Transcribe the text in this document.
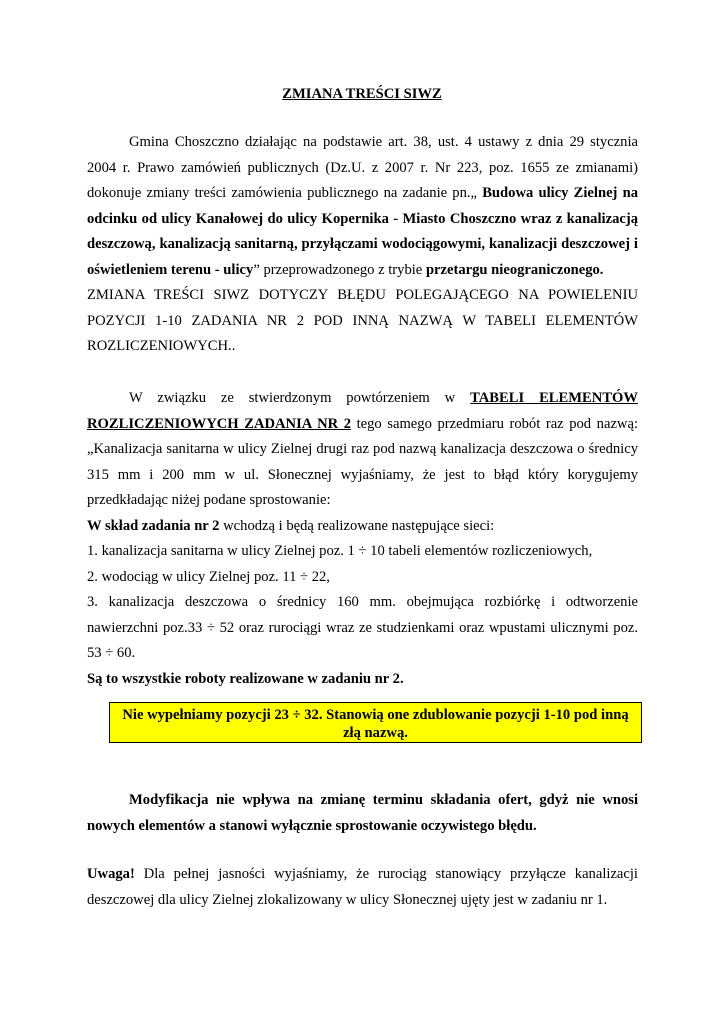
ZMIANA TREŚCI SIWZ
Gmina Choszczno działając na podstawie art. 38, ust. 4 ustawy z dnia 29 stycznia 2004 r. Prawo zamówień publicznych (Dz.U. z 2007 r. Nr 223, poz. 1655 ze zmianami) dokonuje zmiany treści zamówienia publicznego na zadanie pn.„ Budowa ulicy Zielnej na odcinku od ulicy Kanałowej do ulicy Kopernika - Miasto Choszczno wraz z kanalizacją deszczową, kanalizacją sanitarną, przyłączami wodociągowymi, kanalizacji deszczowej i oświetleniem terenu - ulicy” przeprowadzonego z trybie przetargu nieograniczonego.
ZMIANA TREŚCI SIWZ DOTYCZY BŁĘDU POLEGAJĄCEGO NA POWIELENIU POZYCJI 1-10 ZADANIA NR 2 POD INNĄ NAZWĄ W TABELI ELEMENTÓW ROZLICZENIOWYCH..
W związku ze stwierdzonym powtórzeniem w TABELI ELEMENTÓW ROZLICZENIOWYCH ZADANIA NR 2 tego samego przedmiaru robót raz pod nazwą: „Kanalizacja sanitarna w ulicy Zielnej drugi raz pod nazwą kanalizacja deszczowa o średnicy 315 mm i 200 mm w ul. Słonecznej wyjaśniamy, że jest to błąd który korygujemy przedkładając niżej podane sprostowanie:
W skład zadania nr 2 wchodzą i będą realizowane następujące sieci:
1. kanalizacja sanitarna w ulicy Zielnej poz. 1 ÷ 10 tabeli elementów rozliczeniowych,
2. wodociąg w ulicy Zielnej poz. 11 ÷ 22,
3. kanalizacja deszczowa o średnicy 160 mm. obejmująca rozbiórkę i odtworzenie nawierzchni poz.33 ÷ 52 oraz rurociągi wraz ze studzienkami oraz wpustami ulicznymi poz. 53 ÷ 60.
Są to wszystkie roboty realizowane w zadaniu nr 2.
Nie wypełniamy pozycji 23 ÷ 32. Stanowią one zdublowanie pozycji 1-10 pod inną
złą nazwą.
Modyfikacja nie wpływa na zmianę terminu składania ofert, gdyż nie wnosi nowych elementów a stanowi wyłącznie sprostowanie oczywistego błędu.
Uwaga! Dla pełnej jasności wyjaśniamy, że rurociąg stanowiący przyłącze kanalizacji deszczowej dla ulicy Zielnej zlokalizowany w ulicy Słonecznej ujęty jest w zadaniu nr 1.
